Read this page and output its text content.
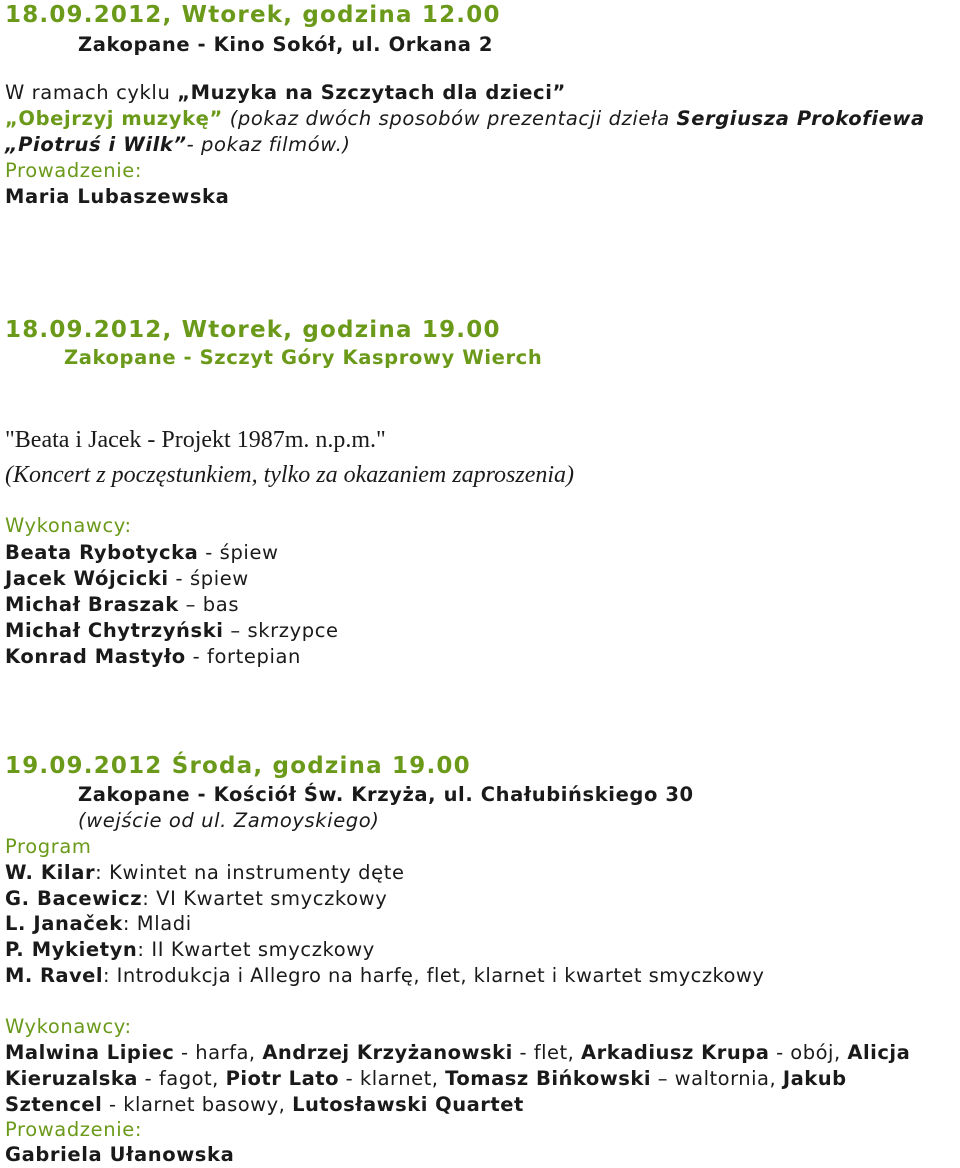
18.09.2012, Wtorek, godzina 12.00
Zakopane - Kino Sokół, ul. Orkana 2
W ramach cyklu „Muzyka na Szczytach dla dzieci”
„Obejrzyj muzykę” (pokaz dwóch sposobów prezentacji dzieła Sergiusza Prokofiewa
„Piotruś i Wilk”- pokaz filmów.)
Prowadzenie:
Maria Lubaszewska
18.09.2012, Wtorek, godzina 19.00
Zakopane - Szczyt Góry Kasprowy Wierch
"Beata i Jacek - Projekt 1987m. n.p.m."
(Koncert z poczęstunkiem, tylko za okazaniem zaproszenia)
Wykonawcy:
Beata Rybotycka - śpiew
Jacek Wójcicki - śpiew
Michał Braszak – bas
Michał Chytrzyński – skrzypce
Konrad Mastyło - fortepian
19.09.2012 Środa, godzina 19.00
Zakopane - Kościół Św. Krzyża, ul. Chałubińskiego 30
(wejście od ul. Zamoyskiego)
Program
W. Kilar: Kwintet na instrumenty dęte
G. Bacewicz: VI Kwartet smyczkowy
L. Janaček: Mladi
P. Mykietyn: II Kwartet smyczkowy
M. Ravel: Introdukcja i Allegro na harfę, flet, klarnet i kwartet smyczkowy
Wykonawcy:
Malwina Lipiec - harfa, Andrzej Krzyżanowski - flet, Arkadiusz Krupa - obój, Alicja
Kieruzalska - fagot, Piotr Lato - klarnet, Tomasz Bińkowski – waltornia, Jakub
Sztencel - klarnet basowy, Lutosławski Quartet
Prowadzenie:
Gabriela Ułanowska
